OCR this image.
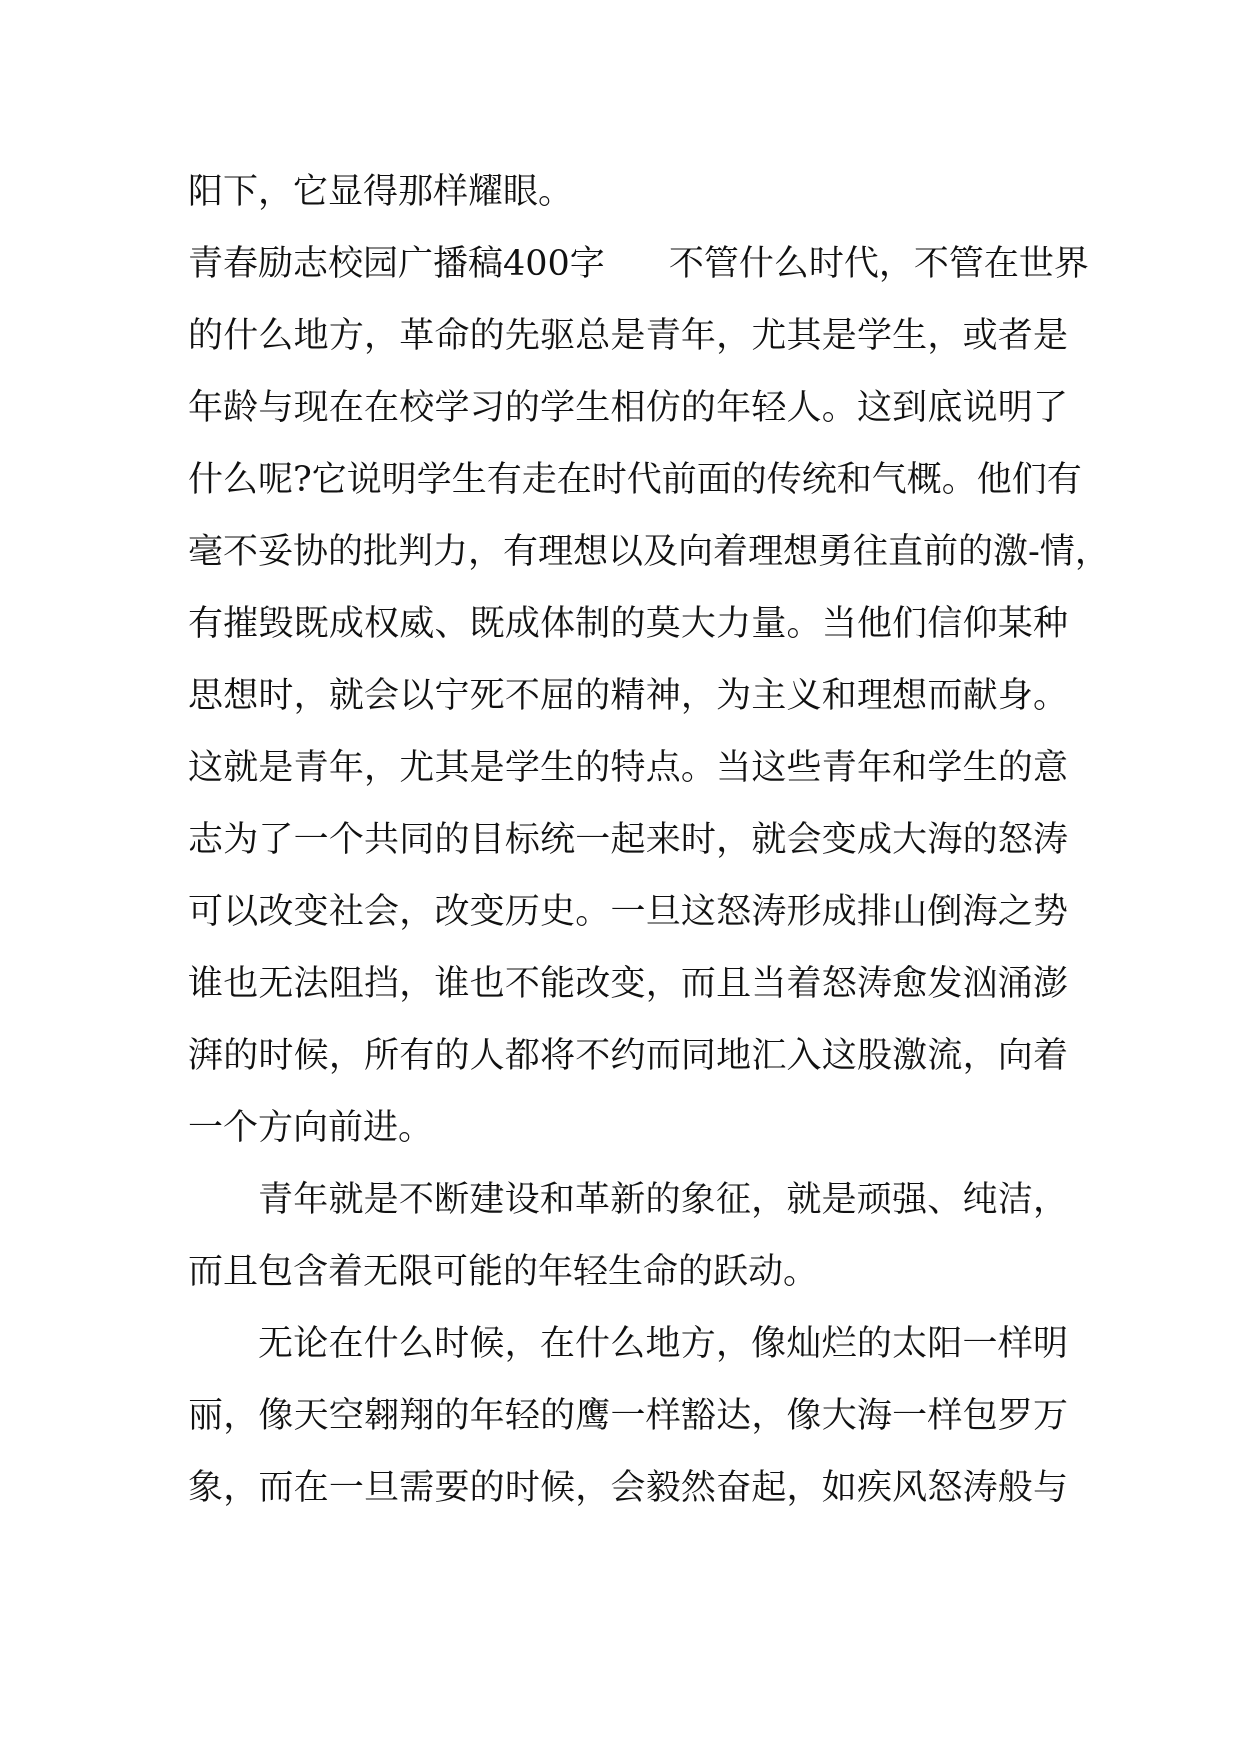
阳下，它显得那样耀眼。
青春励志校园广播稿400字 不管什么时代，不管在世界
的什么地方，革命的先驱总是青年，尤其是学生，或者是
年龄与现在在校学习的学生相仿的年轻人。这到底说明了
什么呢?它说明学生有走在时代前面的传统和气概。他们有
毫不妥协的批判力，有理想以及向着理想勇往直前的激-情，
有摧毁既成权威、既成体制的莫大力量。当他们信仰某种
思想时，就会以宁死不屈的精神，为主义和理想而献身。
这就是青年，尤其是学生的特点。当这些青年和学生的意
志为了一个共同的目标统一起来时，就会变成大海的怒涛
可以改变社会，改变历史。一旦这怒涛形成排山倒海之势
谁也无法阻挡，谁也不能改变，而且当着怒涛愈发汹涌澎
湃的时候，所有的人都将不约而同地汇入这股激流，向着
一个方向前进。
青年就是不断建设和革新的象征，就是顽强、纯洁，
而且包含着无限可能的年轻生命的跃动。
无论在什么时候，在什么地方，像灿烂的太阳一样明
丽，像天空翱翔的年轻的鹰一样豁达，像大海一样包罗万
象，而在一旦需要的时候，会毅然奋起，如疾风怒涛般与
